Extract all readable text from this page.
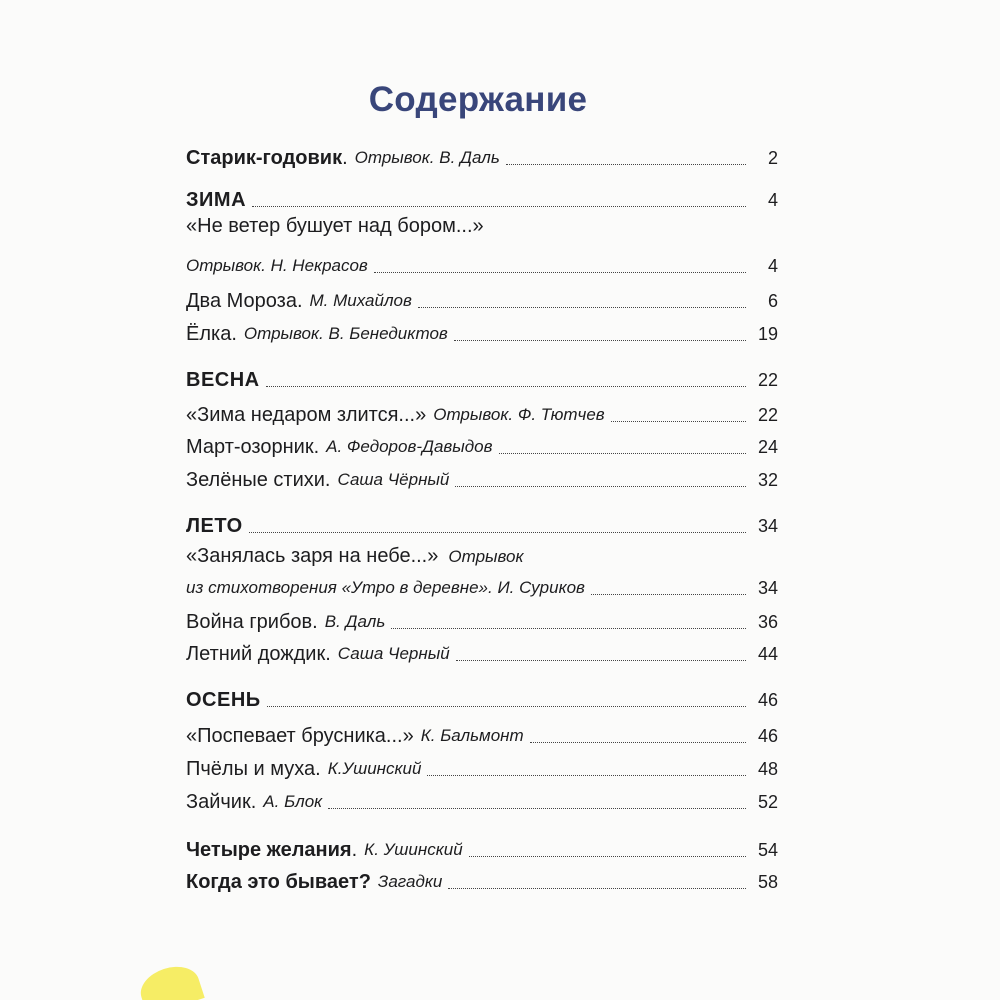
Содержание
Старик-годовик . Отрывок. В. Даль	2
ЗИМА	4
«Не ветер бушует над бором...»
Отрывок. Н. Некрасов	4
Два Мороза. М. Михайлов	6
Ёлка. Отрывок. В. Бенедиктов	19
ВЕСНА	22
«Зима недаром злится...» Отрывок. Ф. Тютчев	22
Март-озорник. А. Федоров-Давыдов	24
Зелёные стихи. Саша Чёрный	32
ЛЕТО	34
«Занялась заря на небе...» Отрывок
из стихотворения «Утро в деревне». И. Суриков	34
Война грибов. В. Даль	36
Летний дождик. Саша Черный	44
ОСЕНЬ	46
«Поспевает брусника...» К. Бальмонт	46
Пчёлы и муха. К.Ушинский	48
Зайчик. А. Блок	52
Четыре желания . К. Ушинский	54
Когда это бывает? Загадки	58
